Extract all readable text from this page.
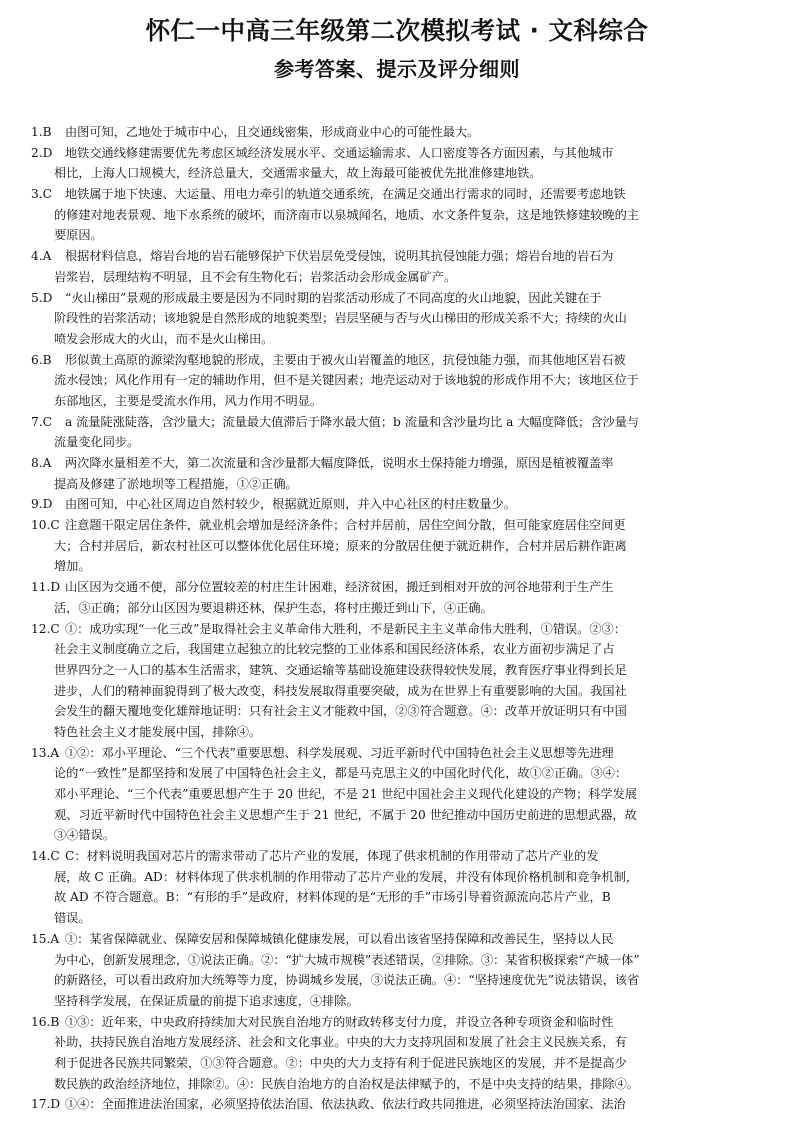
怀仁一中高三年级第二次模拟考试 · 文科综合
参考答案、提示及评分细则
1.B 由图可知，乙地处于城市中心，且交通线密集，形成商业中心的可能性最大。
2.D 地铁交通线修建需要优先考虑区域经济发展水平、交通运输需求、人口密度等各方面因素，与其他城市
相比，上海人口规模大，经济总量大，交通需求量大，故上海最可能被优先批准修建地铁。
3.C 地铁属于地下快速、大运量、用电力牵引的轨道交通系统，在满足交通出行需求的同时，还需要考虑地铁
的修建对地表景观、地下水系统的破坏，而济南市以泉城闻名，地质、水文条件复杂，这是地铁修建较晚的主
要原因。
4.A 根据材料信息，熔岩台地的岩石能够保护下伏岩层免受侵蚀，说明其抗侵蚀能力强；熔岩台地的岩石为
岩浆岩，层理结构不明显，且不会有生物化石；岩浆活动会形成金属矿产。
5.D “火山梯田”景观的形成最主要是因为不同时期的岩浆活动形成了不同高度的火山地貌，因此关键在于
阶段性的岩浆活动；该地貌是自然形成的地貌类型；岩层坚硬与否与火山梯田的形成关系不大；持续的火山
喷发会形成大的火山，而不是火山梯田。
6.B 形似黄土高原的源梁沟壑地貌的形成，主要由于被火山岩覆盖的地区，抗侵蚀能力强，而其他地区岩石被
流水侵蚀；风化作用有一定的辅助作用，但不是关键因素；地壳运动对于该地貌的形成作用不大；该地区位于
东部地区，主要是受流水作用，风力作用不明显。
7.C a 流量陡涨陡落，含沙量大；流量最大值滞后于降水最大值；b 流量和含沙量均比 a 大幅度降低；含沙量与
流量变化同步。
8.A 两次降水量相差不大，第二次流量和含沙量都大幅度降低，说明水土保持能力增强，原因是植被覆盖率
提高及修建了淤地坝等工程措施，①②正确。
9.D 由图可知，中心社区周边自然村较少，根据就近原则，并入中心社区的村庄数量少。
10.C 注意题干限定居住条件，就业机会增加是经济条件；合村并居前，居住空间分散，但可能家庭居住空间更
大；合村并居后，新农村社区可以整体优化居住环境；原来的分散居住便于就近耕作，合村并居后耕作距离
增加。
11.D 山区因为交通不便，部分位置较差的村庄生计困难，经济贫困，搬迁到相对开放的河谷地带利于生产生
活，③正确；部分山区因为要退耕还林，保护生态，将村庄搬迁到山下，④正确。
12.C ①：成功实现“一化三改”是取得社会主义革命伟大胜利，不是新民主主义革命伟大胜利，①错误。②③：
社会主义制度确立之后，我国建立起独立的比较完整的工业体系和国民经济体系，农业方面初步满足了占
世界四分之一人口的基本生活需求，建筑、交通运输等基础设施建设获得较快发展，教育医疗事业得到长足
进步，人们的精神面貌得到了极大改变，科技发展取得重要突破，成为在世界上有重要影响的大国。我国社
会发生的翻天覆地变化雄辩地证明：只有社会主义才能救中国，②③符合题意。④：改革开放证明只有中国
特色社会主义才能发展中国，排除④。
13.A ①②：邓小平理论、“三个代表”重要思想、科学发展观、习近平新时代中国特色社会主义思想等先进理
论的“一致性”是都坚持和发展了中国特色社会主义，都是马克思主义的中国化时代化，故①②正确。③④：
邓小平理论、“三个代表”重要思想产生于 20 世纪，不是 21 世纪中国社会主义现代化建设的产物；科学发展
观、习近平新时代中国特色社会主义思想产生于 21 世纪，不属于 20 世纪推动中国历史前进的思想武器，故
③④错误。
14.C C：材料说明我国对芯片的需求带动了芯片产业的发展，体现了供求机制的作用带动了芯片产业的发
展，故 C 正确。AD：材料体现了供求机制的作用带动了芯片产业的发展，并没有体现价格机制和竞争机制，
故 AD 不符合题意。B：“有形的手”是政府，材料体现的是“无形的手”市场引导着资源流向芯片产业，B
错误。
15.A ①：某省保障就业、保障安居和保障城镇化健康发展，可以看出该省坚持保障和改善民生，坚持以人民
为中心，创新发展理念，①说法正确。②：“扩大城市规模”表述错误，②排除。③：某省积极探索“产城一体”
的新路径，可以看出政府加大统筹等力度，协调城乡发展，③说法正确。④：“坚持速度优先”说法错误，该省
坚持科学发展，在保证质量的前提下追求速度，④排除。
16.B ①③：近年来，中央政府持续加大对民族自治地方的财政转移支付力度，并设立各种专项资金和临时性
补助，扶持民族自治地方发展经济、社会和文化事业。中央的大力支持巩固和发展了社会主义民族关系，有
利于促进各民族共同繁荣，①③符合题意。②：中央的大力支持有利于促进民族地区的发展，并不是提高少
数民族的政治经济地位，排除②。④：民族自治地方的自治权是法律赋予的，不是中央支持的结果，排除④。
17.D ①④：全面推进法治国家，必须坚持依法治国、依法执政、依法行政共同推进，必须坚持法治国家、法治
